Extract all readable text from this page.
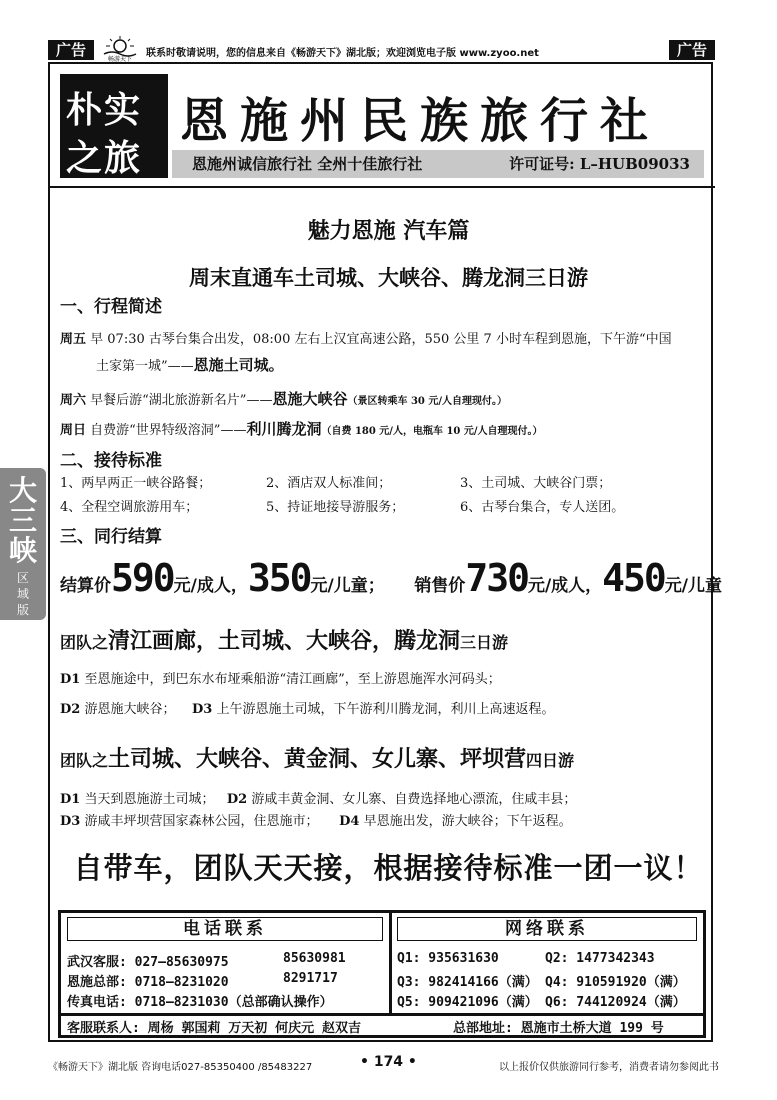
广告
畅游天下
联系时敬请说明，您的信息来自《畅游天下》湖北版；欢迎浏览电子版 www.zyoo.net	广告
朴实
之旅
恩施州民族旅行社
恩施州诚信旅行社 全州十佳旅行社	许可证号: L–HUB09033
魅力恩施 汽车篇
周末直通车土司城、大峡谷、腾龙洞三日游
一、行程简述
周五 早 07:30 古琴台集合出发，08:00 左右上汉宜高速公路，550 公里 7 小时车程到恩施，下午游“中国
土家第一城”——恩施土司城。
周六 早餐后游“湖北旅游新名片”——恩施大峡谷（景区转乘车 30 元/人自理现付。）
周日 自费游“世界特级溶洞”——利川腾龙洞（自费 180 元/人，电瓶车 10 元/人自理现付。）
二、接待标准
1、两早两正一峡谷路餐；	2、酒店双人标准间；	3、土司城、大峡谷门票；
4、全程空调旅游用车；	5、持证地接导游服务；	6、古琴台集合，专人送团。
三、同行结算
结算价590元/成人，350元/儿童； 销售价730元/成人，450元/儿童
团队之清江画廊，土司城、大峡谷，腾龙洞三日游
D1 至恩施途中，到巴东水布垭乘船游“清江画廊”，至上游恩施浑水河码头；
D2 游恩施大峡谷； D3 上午游恩施土司城，下午游利川腾龙洞，利川上高速返程。
团队之土司城、大峡谷、黄金洞、女儿寨、坪坝营四日游
D1 当天到恩施游土司城； D2 游咸丰黄金洞、女儿寨、自费选择地心漂流，住咸丰县；
D3 游咸丰坪坝营国家森林公园，住恩施市； D4 早恩施出发，游大峡谷；下午返程。
自带车，团队天天接，根据接待标准一团一议！
电话联系	网络联系
武汉客服: 027—85630975	85630981
恩施总部: 0718—8231020	8291717
传真电话: 0718—8231030（总部确认操作）
Q1: 935631630	Q2: 1477342343
Q3: 982414166（满） Q4: 910591920（满）
Q5: 909421096（满） Q6: 744120924（满）
客服联系人: 周杨 郭国莉 万天初 何庆元 赵双吉	总部地址: 恩施市土桥大道 199 号
《畅游天下》湖北版 咨询电话027-85350400 /85483227	• 174 •	以上报价仅供旅游同行参考，消费者请勿参阅此书
大三峡
区域版
